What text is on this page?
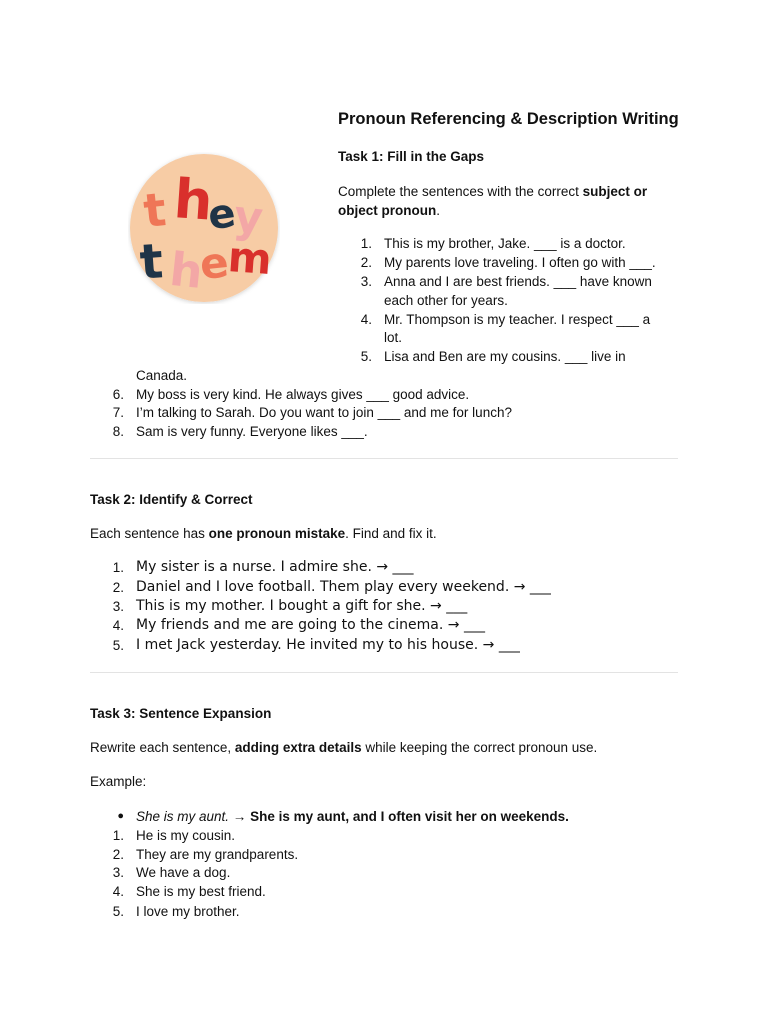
Pronoun Referencing & Description Writing
t h
e
y
t h
e
m
Task 1: Fill in the Gaps

Complete the sentences with the correct subject or object pronoun.

1. This is my brother, Jake. ___ is a doctor.
2. My parents love traveling. I often go with ___.
3. Anna and I are best friends. ___ have known
each other for years.
4. Mr. Thompson is my teacher. I respect ___ a
lot.
5. Lisa and Ben are my cousins. ___ live in
Canada.
6. My boss is very kind. He always gives ___ good advice.
7. I’m talking to Sarah. Do you want to join ___ and me for lunch?
8. Sam is very funny. Everyone likes ___.
Task 2: Identify & Correct

Each sentence has one pronoun mistake. Find and fix it.

1. My sister is a nurse. I admire she. → ___
2. Daniel and I love football. Them play every weekend. → ___
3. This is my mother. I bought a gift for she. → ___
4. My friends and me are going to the cinema. → ___
5. I met Jack yesterday. He invited my to his house. → ___
Task 3: Sentence Expansion

Rewrite each sentence, adding extra details while keeping the correct pronoun use.

Example:

● She is my aunt. → She is my aunt, and I often visit her on weekends.
1. He is my cousin.
2. They are my grandparents.
3. We have a dog.
4. She is my best friend.
5. I love my brother.
